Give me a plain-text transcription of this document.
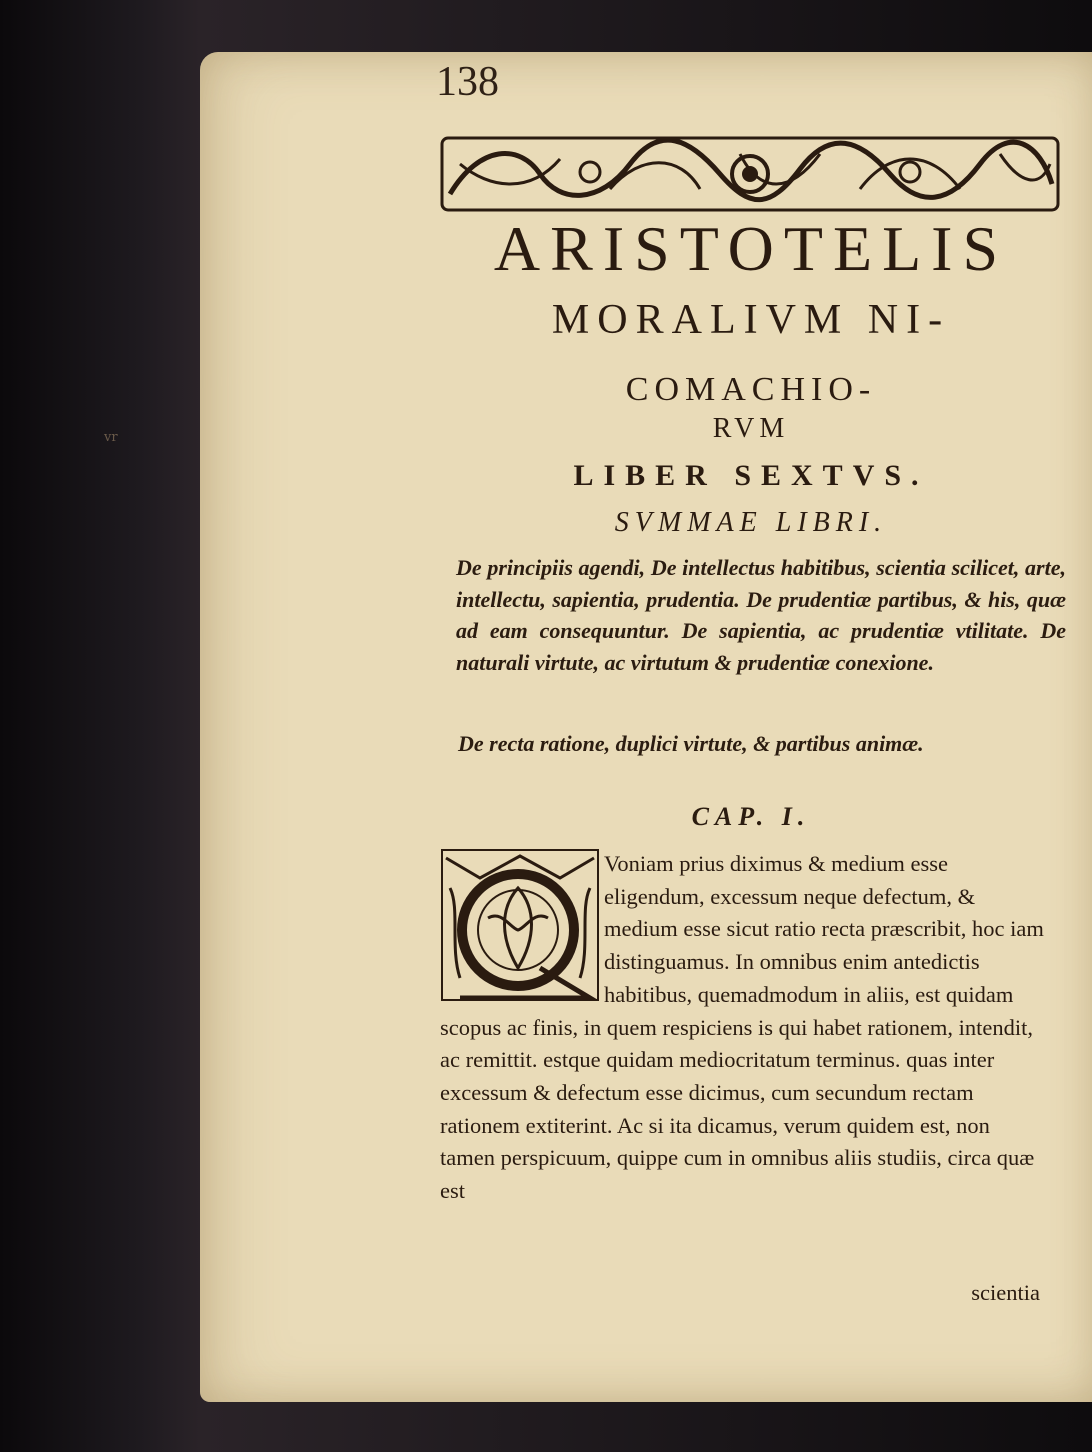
vr

138

ARISTOTELIS
MORALIVM NI-
COMACHIO-
RVM
LIBER SEXTVS.

SVMMAE LIBRI.

De principiis agendi, De intellectus habitibus, scientia scilicet, arte, intellectu, sapientia, prudentia. De prudentiæ partibus, & his, quæ ad eam consequuntur. De sapientia, ac prudentiæ vtilitate. De naturali virtute, ac virtutum & prudentiæ conexione.

De recta ratione, duplici virtute, & partibus animæ.

CAP. I.

Voniam prius diximus & medium esse eligendum, excessum neque defectum, & medium esse sicut ratio recta præscribit, hoc iam distinguamus. In omnibus enim antedictis habitibus, quemadmodum in aliis, est quidam scopus ac finis, in quem respiciens is qui habet rationem, intendit, ac remittit. estque quidam mediocritatum terminus. quas inter excessum & defectum esse dicimus, cum secundum rectam rationem extiterint. Ac si ita dicamus, verum quidem est, non tamen perspicuum, quippe cum in omnibus aliis studiis, circa quæ est

scientia
